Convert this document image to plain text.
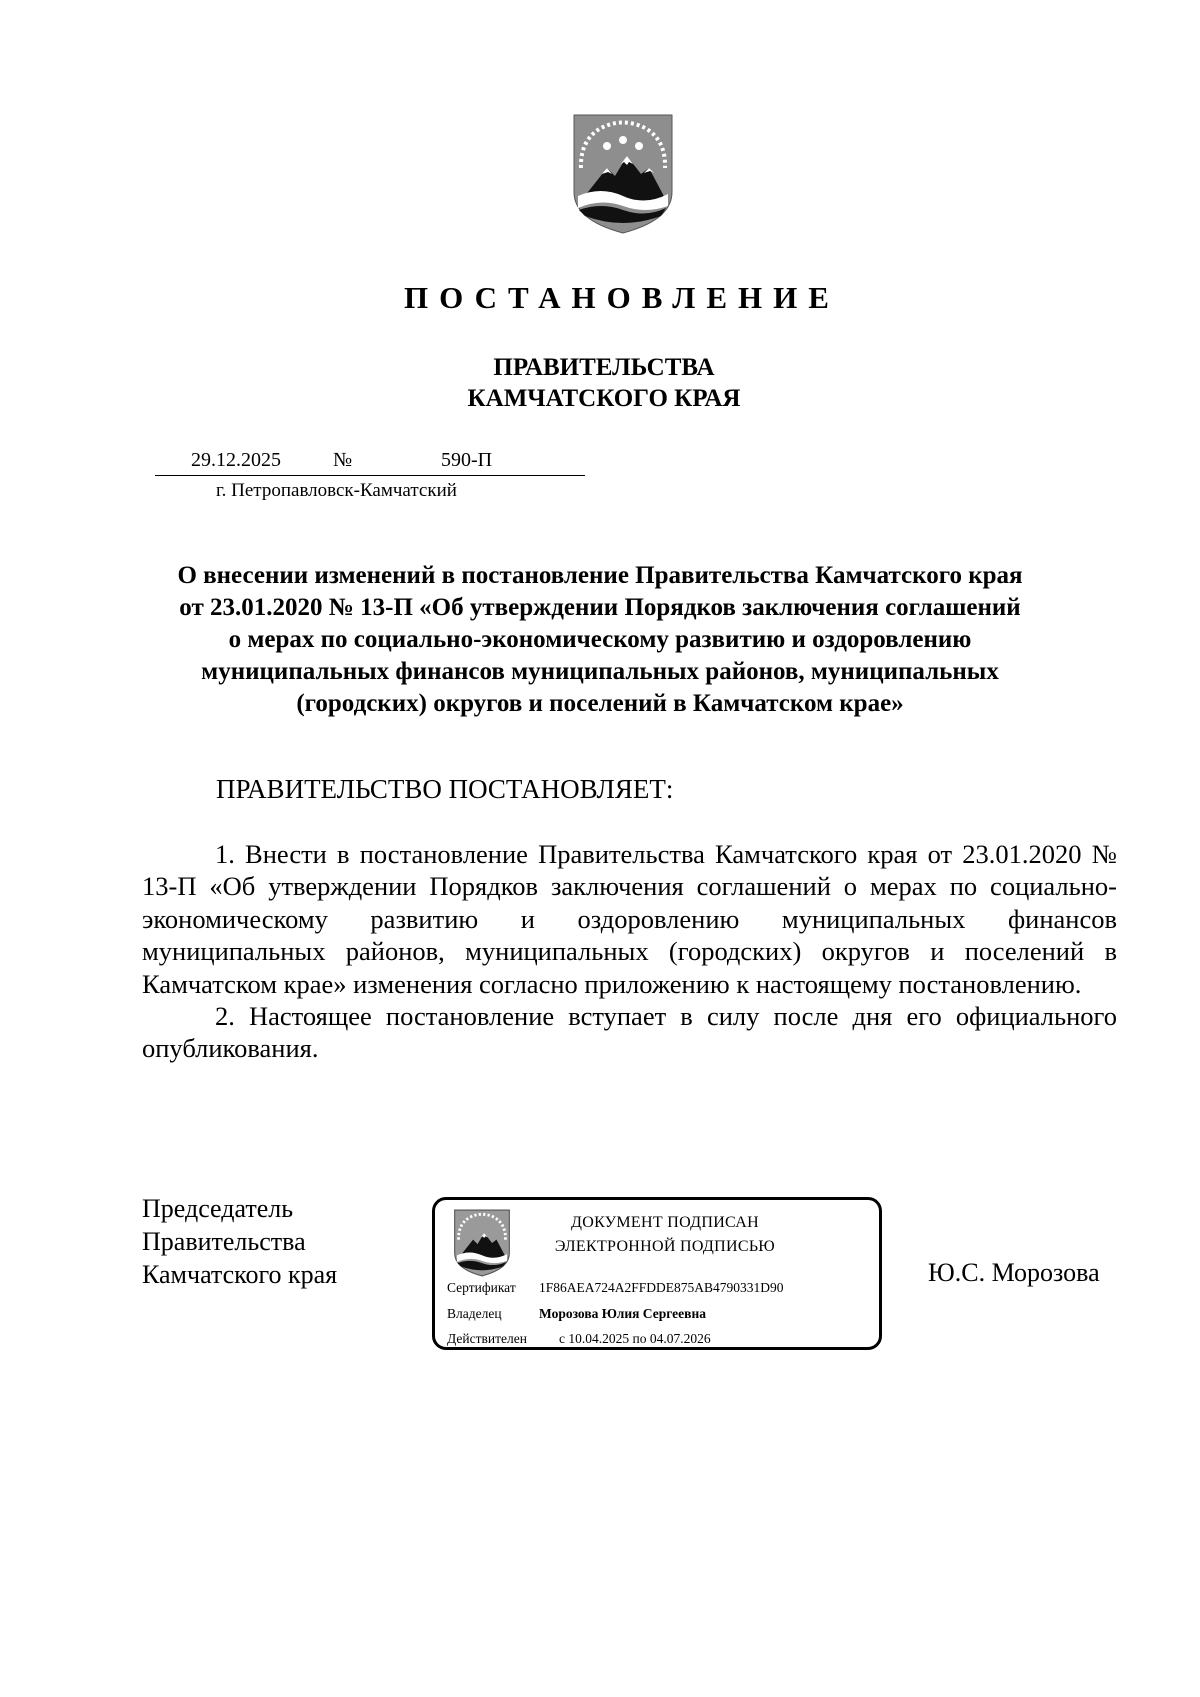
ПОСТАНОВЛЕНИЕ
ПРАВИТЕЛЬСТВА
КАМЧАТСКОГО КРАЯ
29.12.2025	№	590-П
г. Петропавловск-Камчатский
О внесении изменений в постановление Правительства Камчатского края
от 23.01.2020 № 13-П «Об утверждении Порядков заключения соглашений
о мерах по социально-экономическому развитию и оздоровлению
муниципальных финансов муниципальных районов, муниципальных
(городских) округов и поселений в Камчатском крае»
ПРАВИТЕЛЬСТВО ПОСТАНОВЛЯЕТ:

1. Внести в постановление Правительства Камчатского края от 23.01.2020 № 13-П «Об утверждении Порядков заключения соглашений о мерах по социально-экономическому развитию и оздоровлению муниципальных финансов муниципальных районов, муниципальных (городских) округов и поселений в Камчатском крае» изменения согласно приложению к настоящему постановлению.

2. Настоящее постановление вступает в силу после дня его официального опубликования.

Председатель
Правительства
Камчатского края
ДОКУМЕНТ ПОДПИСАН
ЭЛЕКТРОННОЙ ПОДПИСЬЮ
Сертификат 1F86AEA724A2FFDDE875AB4790331D90
Владелец	Морозова Юлия Сергеевна
Действителен с 10.04.2025 по 04.07.2026
Ю.С. Морозова
